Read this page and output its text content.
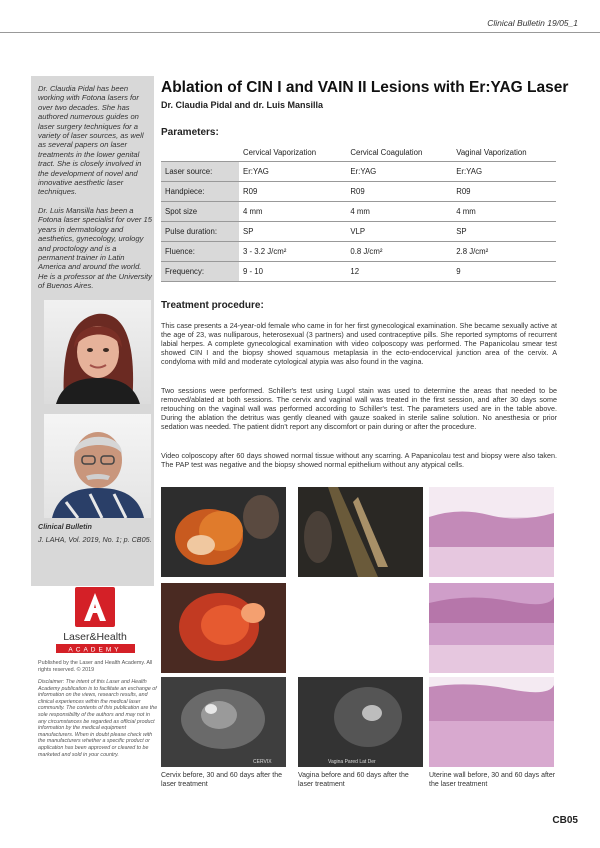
Clinical Bulletin 19/05_1
Dr. Claudia Pidal has been working with Fotona lasers for over two decades. She has authored numerous guides on laser surgery techniques for a variety of laser sources, as well as several papers on laser treatments in the lower genital tract. She is closely involved in the development of novel and innovative aesthetic laser techniques.
Dr. Luis Mansilla has been a Fotona laser specialist for over 15 years in dermatology and aesthetics, gynecology, urology and proctology and is a permanent trainer in Latin America and around the world. He is a professor at the University of Buenos Aires.
Clinical Bulletin
J. LAHA, Vol. 2019, No. 1; p. CB05.
Laser&Health
ACADEMY
Published by the Laser and Health Academy. All rights reserved. © 2019
Disclaimer: The intent of this Laser and Health Academy publication is to facilitate an exchange of information on the views, research results, and clinical experiences within the medical laser community. The contents of this publication are the sole responsibility of the authors and may not in any circumstances be regarded as official product information by the medical equipment manufacturers. When in doubt please check with the manufacturers whether a specific product or application has been approved or cleared to be marketed and sold in your country.
Ablation of CIN I and VAIN II Lesions with Er:YAG Laser
Dr. Claudia Pidal and dr. Luis Mansilla
Parameters:
	Cervical Vaporization	Cervical Coagulation	Vaginal Vaporization
Laser source:	Er:YAG	Er:YAG	Er:YAG
Handpiece:	R09	R09	R09
Spot size	4 mm	4 mm	4 mm
Pulse duration:	SP	VLP	SP
Fluence:	3 - 3.2 J/cm²	0.8 J/cm²	2.8 J/cm²
Frequency:	9 - 10	12	9
Treatment procedure:
This case presents a 24-year-old female who came in for her first gynecological examination. She became sexually active at the age of 23, was nulliparous, heterosexual (3 partners) and used contraceptive pills. She reported symptoms of recurrent labial herpes. A complete gynecological examination with video colposcopy was performed. The Papanicolau smear test showed CIN I and the biopsy showed squamous metaplasia in the ecto-endocervical junction area of the cervix. A condyloma with mild and moderate cytological atypia was also found in the vagina.
Two sessions were performed. Schiller's test using Lugol stain was used to determine the areas that needed to be removed/ablated at both sessions. The cervix and vaginal wall was treated in the first session, and after 30 days some retouching on the vaginal wall was performed according to Schiller's test. The parameters used are in the table above. During the ablation the detritus was gently cleaned with gauze soaked in sterile saline solution. No anesthesia or prior sedation was needed. The patient didn't report any discomfort or pain during or after the procedure.
Video colposcopy after 60 days showed normal tissue without any scarring. A Papanicolau test and biopsy were also taken. The PAP test was negative and the biopsy showed normal epithelium without any atypical cells.
CERVIX	Vagina Pared Lat Der
Cervix before, 30 and 60 days after the laser treatment
Vagina before and 60 days after the laser treatment
Uterine wall before, 30 and 60 days after the laser treatment
CB05
